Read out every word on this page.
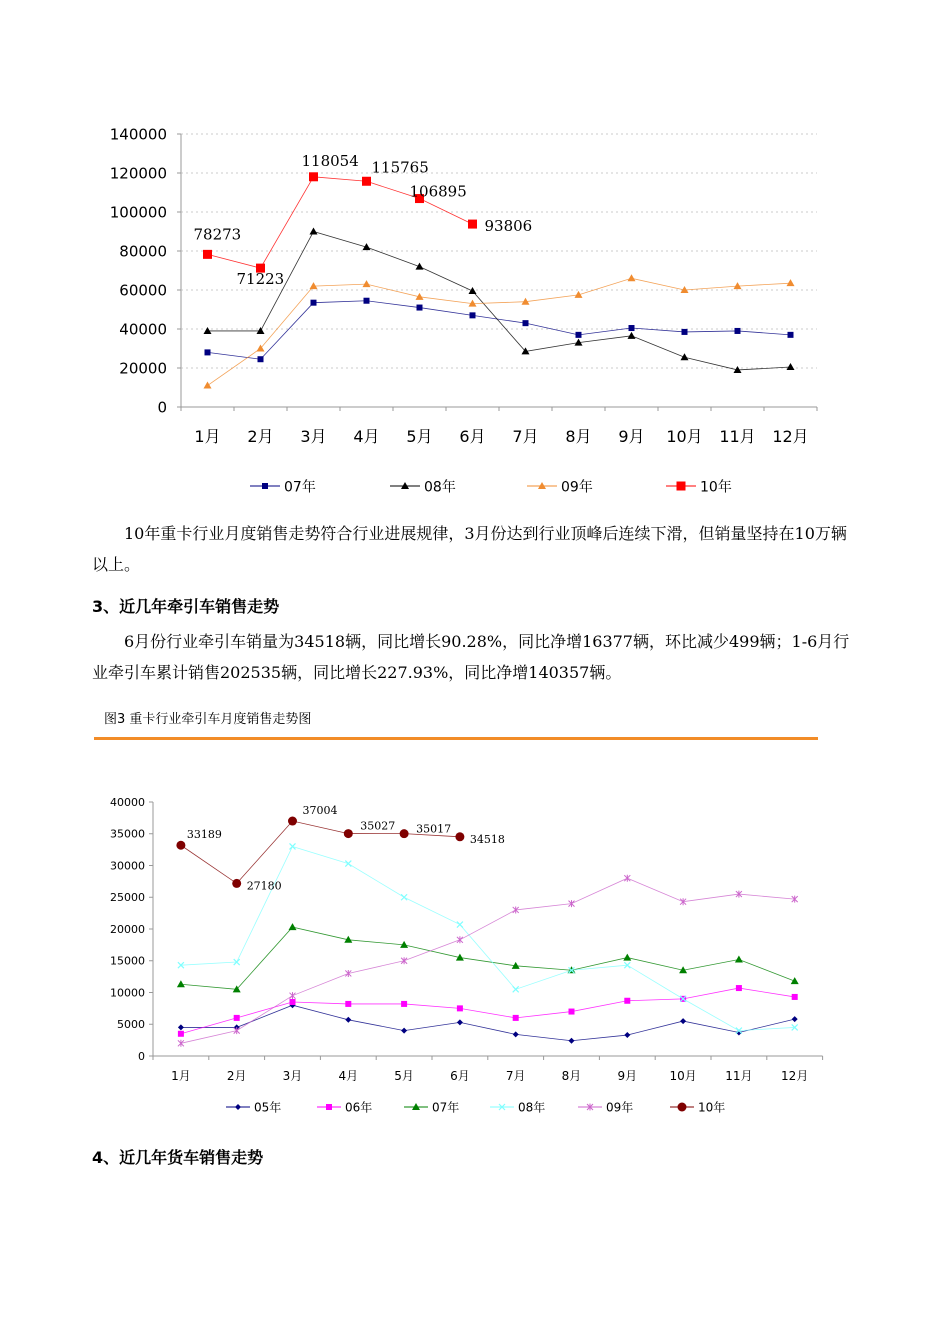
0
20000
40000
60000
80000
100000
120000
140000
1月 2月 3月 4月 5月 6月 7月 8月 9月 10月 11月 12月
78273
71223
118054 115765
106895
93806
07年	08年	09年	10年

10年重卡行业月度销售走势符合行业进展规律，3月份达到行业顶峰后连续下滑，但销量坚持在10万辆以上。

3、近几年牵引车销售走势

6月份行业牵引车销量为34518辆，同比增长90.28%，同比净增16377辆，环比减少499辆；1-6月行业牵引车累计销售202535辆，同比增长227.93%，同比净增140357辆。

图3 重卡行业牵引车月度销售走势图

0
5000
10000
15000
20000
25000
30000
35000
40000
1月	2月	3月	4月	5月	6月	7月	8月	9月	10月 11月 12月
33189
27180
37004
35027 35017
34518
05年	06年	07年	08年	09年	10年

4、近几年货车销售走势
